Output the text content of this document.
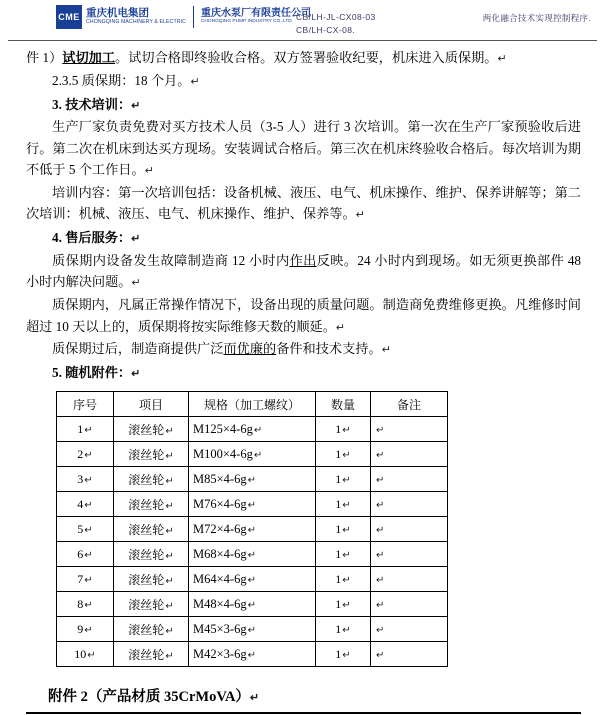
CME 重庆机电集团
CHONGQING MACHINERY & ELECTRIC
重庆水泵厂有限责任公司
CHONGQING PUMP INDUSTRY CO.,LTD CB/LH-JL-CX08-03
CB/LH-CX-08.
两化融合技术实现控制程序.

件 1）试切加工。试切合格即终验收合格。双方签署验收纪要，机床进入质保期。↵

2.3.5 质保期：18 个月。↵

3. 技术培训：↵

生产厂家负责免费对买方技术人员（3-5 人）进行 3 次培训。第一次在生产厂家预验收后进行。第二次在机床到达买方现场。安装调试合格后。第三次在机床终验收合格后。每次培训为期不低于 5 个工作日。↵

培训内容：第一次培训包括：设备机械、液压、电气、机床操作、维护、保养讲解等；第二次培训：机械、液压、电气、机床操作、维护、保养等。↵

4. 售后服务：↵

质保期内设备发生故障制造商 12 小时内作出反映。24 小时内到现场。如无须更换部件 48 小时内解决问题。↵

质保期内，凡属正常操作情况下，设备出现的质量问题。制造商免费维修更换。凡维修时间超过 10 天以上的，质保期将按实际维修天数的顺延。↵

质保期过后，制造商提供广泛而优廉的备件和技术支持。↵

5. 随机附件：↵

序号	项目	规格（加工螺纹）	数量	备注
1↵	滚丝轮↵	M125×4-6g↵	1↵	↵
2↵	滚丝轮↵	M100×4-6g↵	1↵	↵
3↵	滚丝轮↵	M85×4-6g↵	1↵	↵
4↵	滚丝轮↵	M76×4-6g↵	1↵	↵
5↵	滚丝轮↵	M72×4-6g↵	1↵	↵
6↵	滚丝轮↵	M68×4-6g↵	1↵	↵
7↵	滚丝轮↵	M64×4-6g↵	1↵	↵
8↵	滚丝轮↵	M48×4-6g↵	1↵	↵
9↵	滚丝轮↵	M45×3-6g↵	1↵	↵
10↵	滚丝轮↵	M42×3-6g↵	1↵	↵
附件 2（产品材质 35CrMoVA）↵
